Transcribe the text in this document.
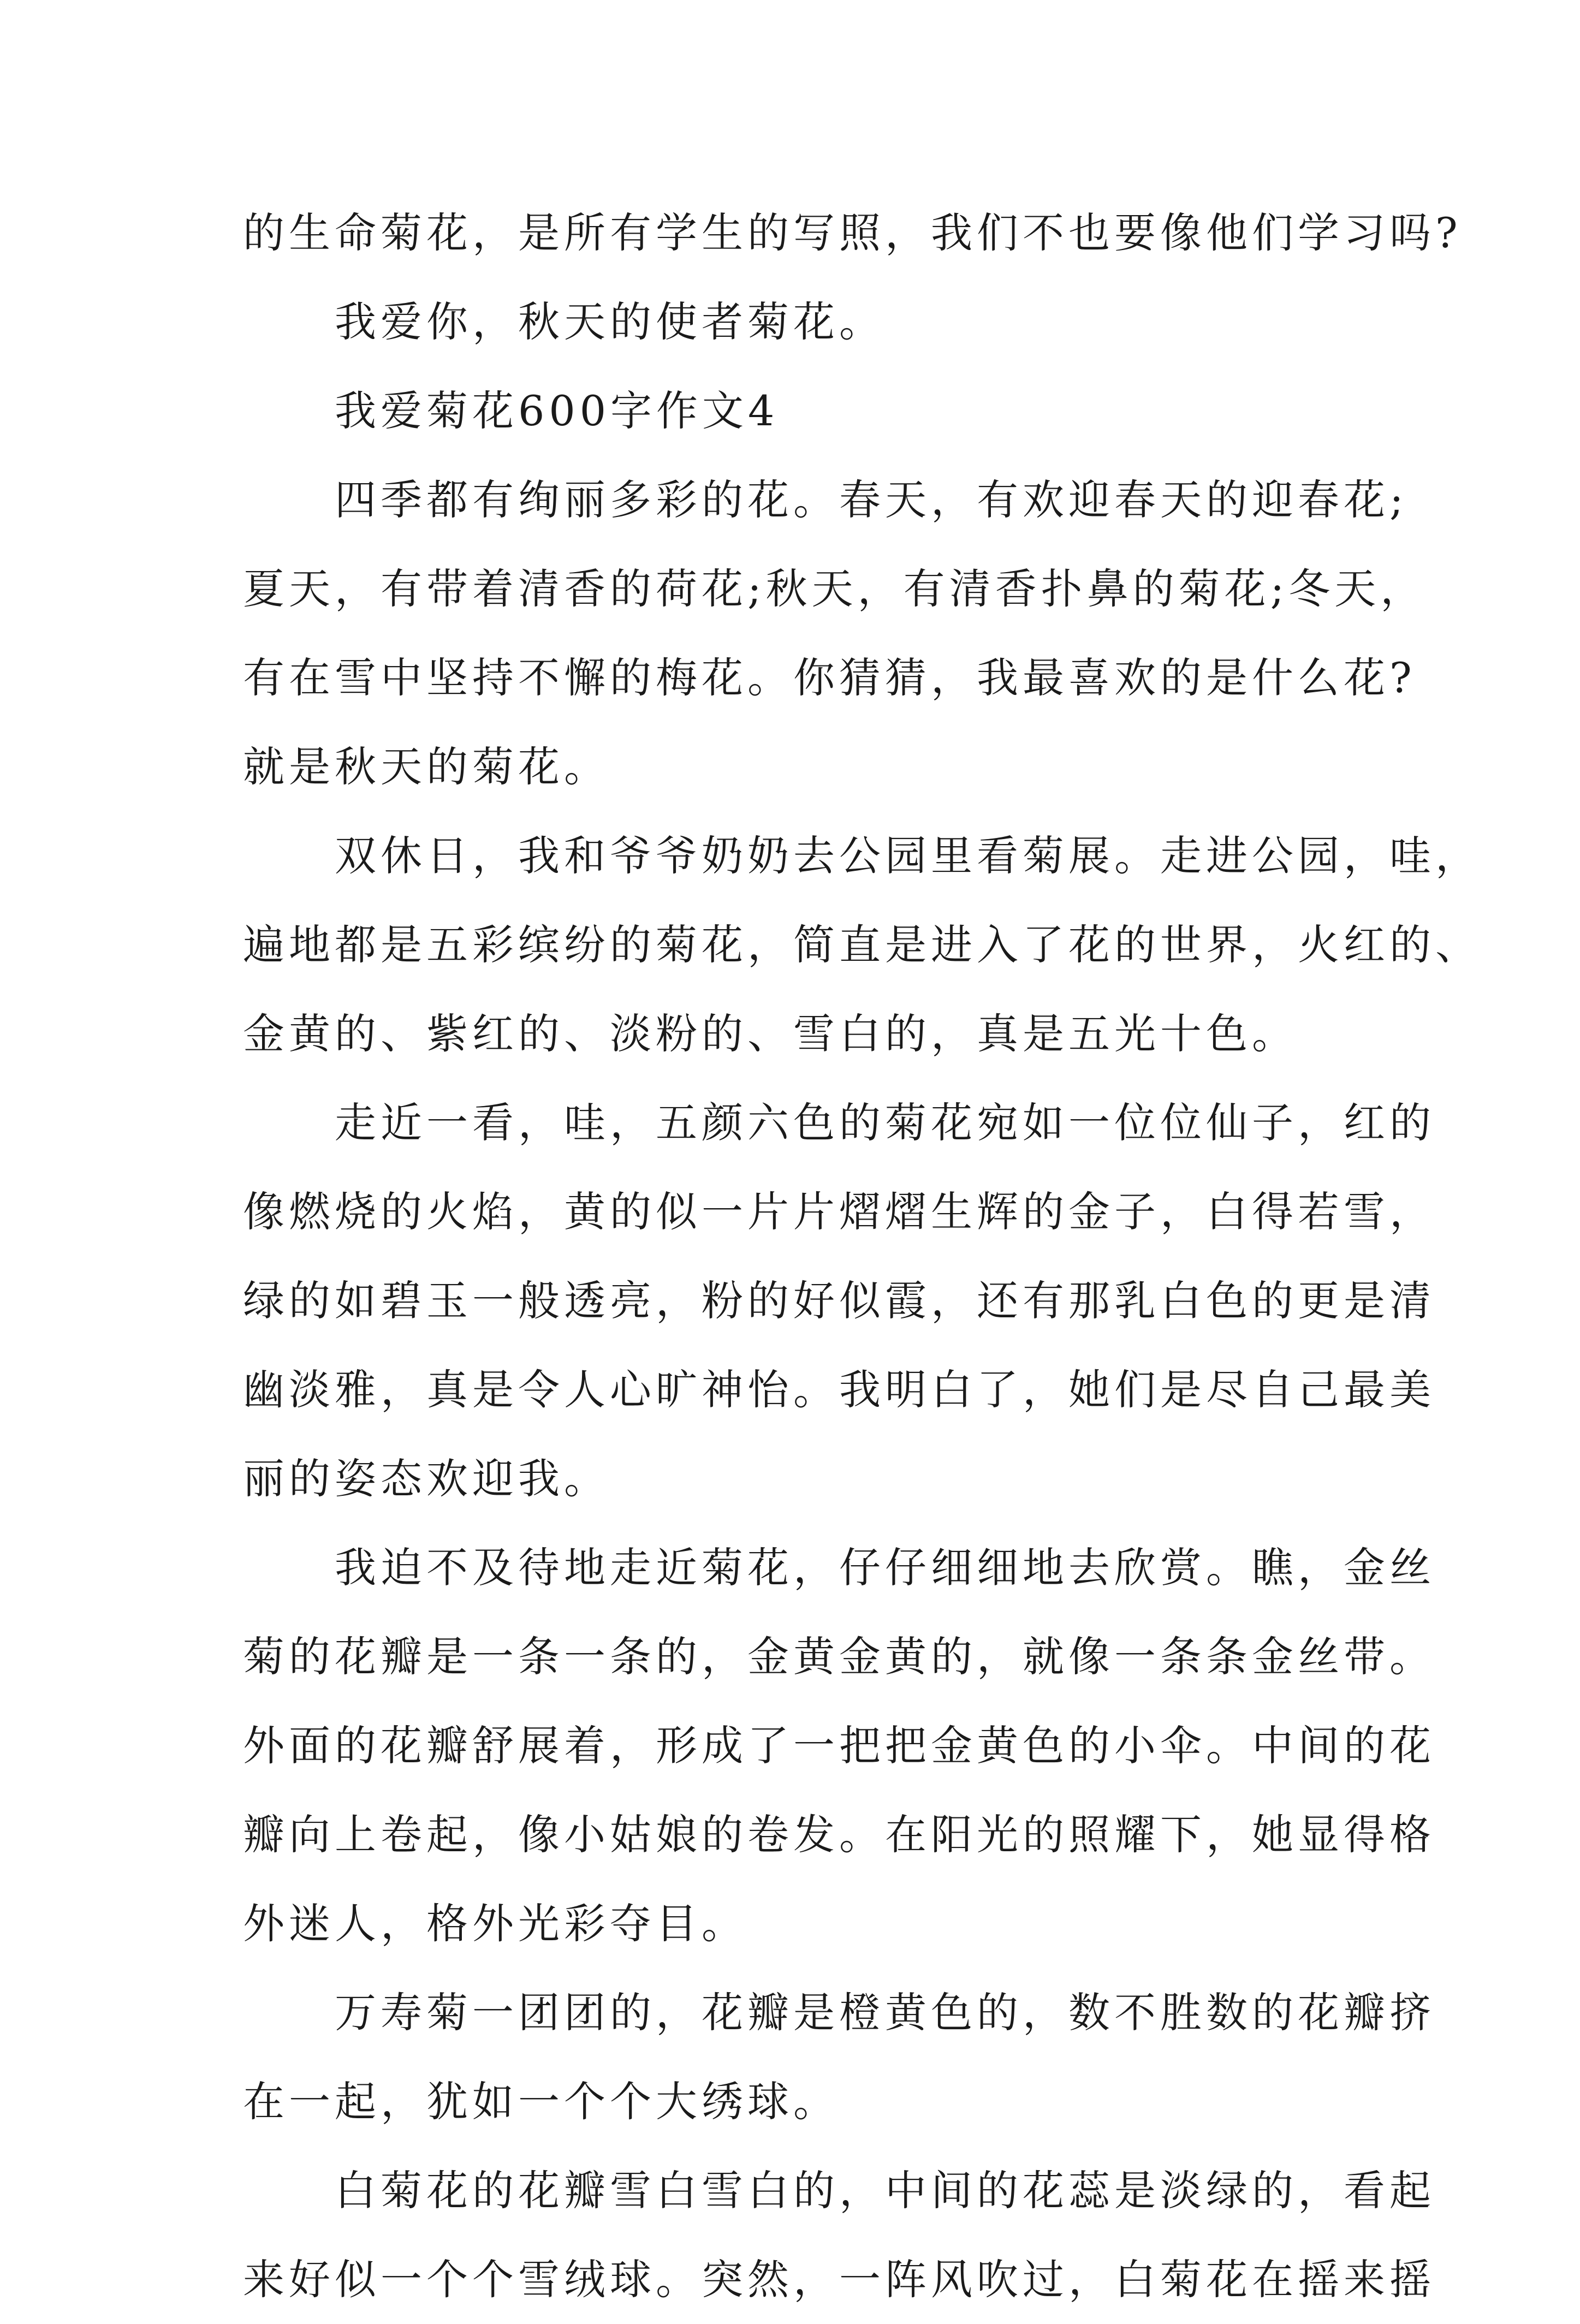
的生命菊花，是所有学生的写照，我们不也要像他们学习吗?
　　我爱你，秋天的使者菊花。
　　我爱菊花600字作文4
　　四季都有绚丽多彩的花。春天，有欢迎春天的迎春花;
夏天，有带着清香的荷花;秋天，有清香扑鼻的菊花;冬天，
有在雪中坚持不懈的梅花。你猜猜，我最喜欢的是什么花?
就是秋天的菊花。
　　双休日，我和爷爷奶奶去公园里看菊展。走进公园，哇，
遍地都是五彩缤纷的菊花，简直是进入了花的世界，火红的、
金黄的、紫红的、淡粉的、雪白的，真是五光十色。
　　走近一看，哇，五颜六色的菊花宛如一位位仙子，红的
像燃烧的火焰，黄的似一片片熠熠生辉的金子，白得若雪，
绿的如碧玉一般透亮，粉的好似霞，还有那乳白色的更是清
幽淡雅，真是令人心旷神怡。我明白了，她们是尽自己最美
丽的姿态欢迎我。
　　我迫不及待地走近菊花，仔仔细细地去欣赏。瞧，金丝
菊的花瓣是一条一条的，金黄金黄的，就像一条条金丝带。
外面的花瓣舒展着，形成了一把把金黄色的小伞。中间的花
瓣向上卷起，像小姑娘的卷发。在阳光的照耀下，她显得格
外迷人，格外光彩夺目。
　　万寿菊一团团的，花瓣是橙黄色的，数不胜数的花瓣挤
在一起，犹如一个个大绣球。
　　白菊花的花瓣雪白雪白的，中间的花蕊是淡绿的，看起
来好似一个个雪绒球。突然，一阵风吹过，白菊花在摇来摇
